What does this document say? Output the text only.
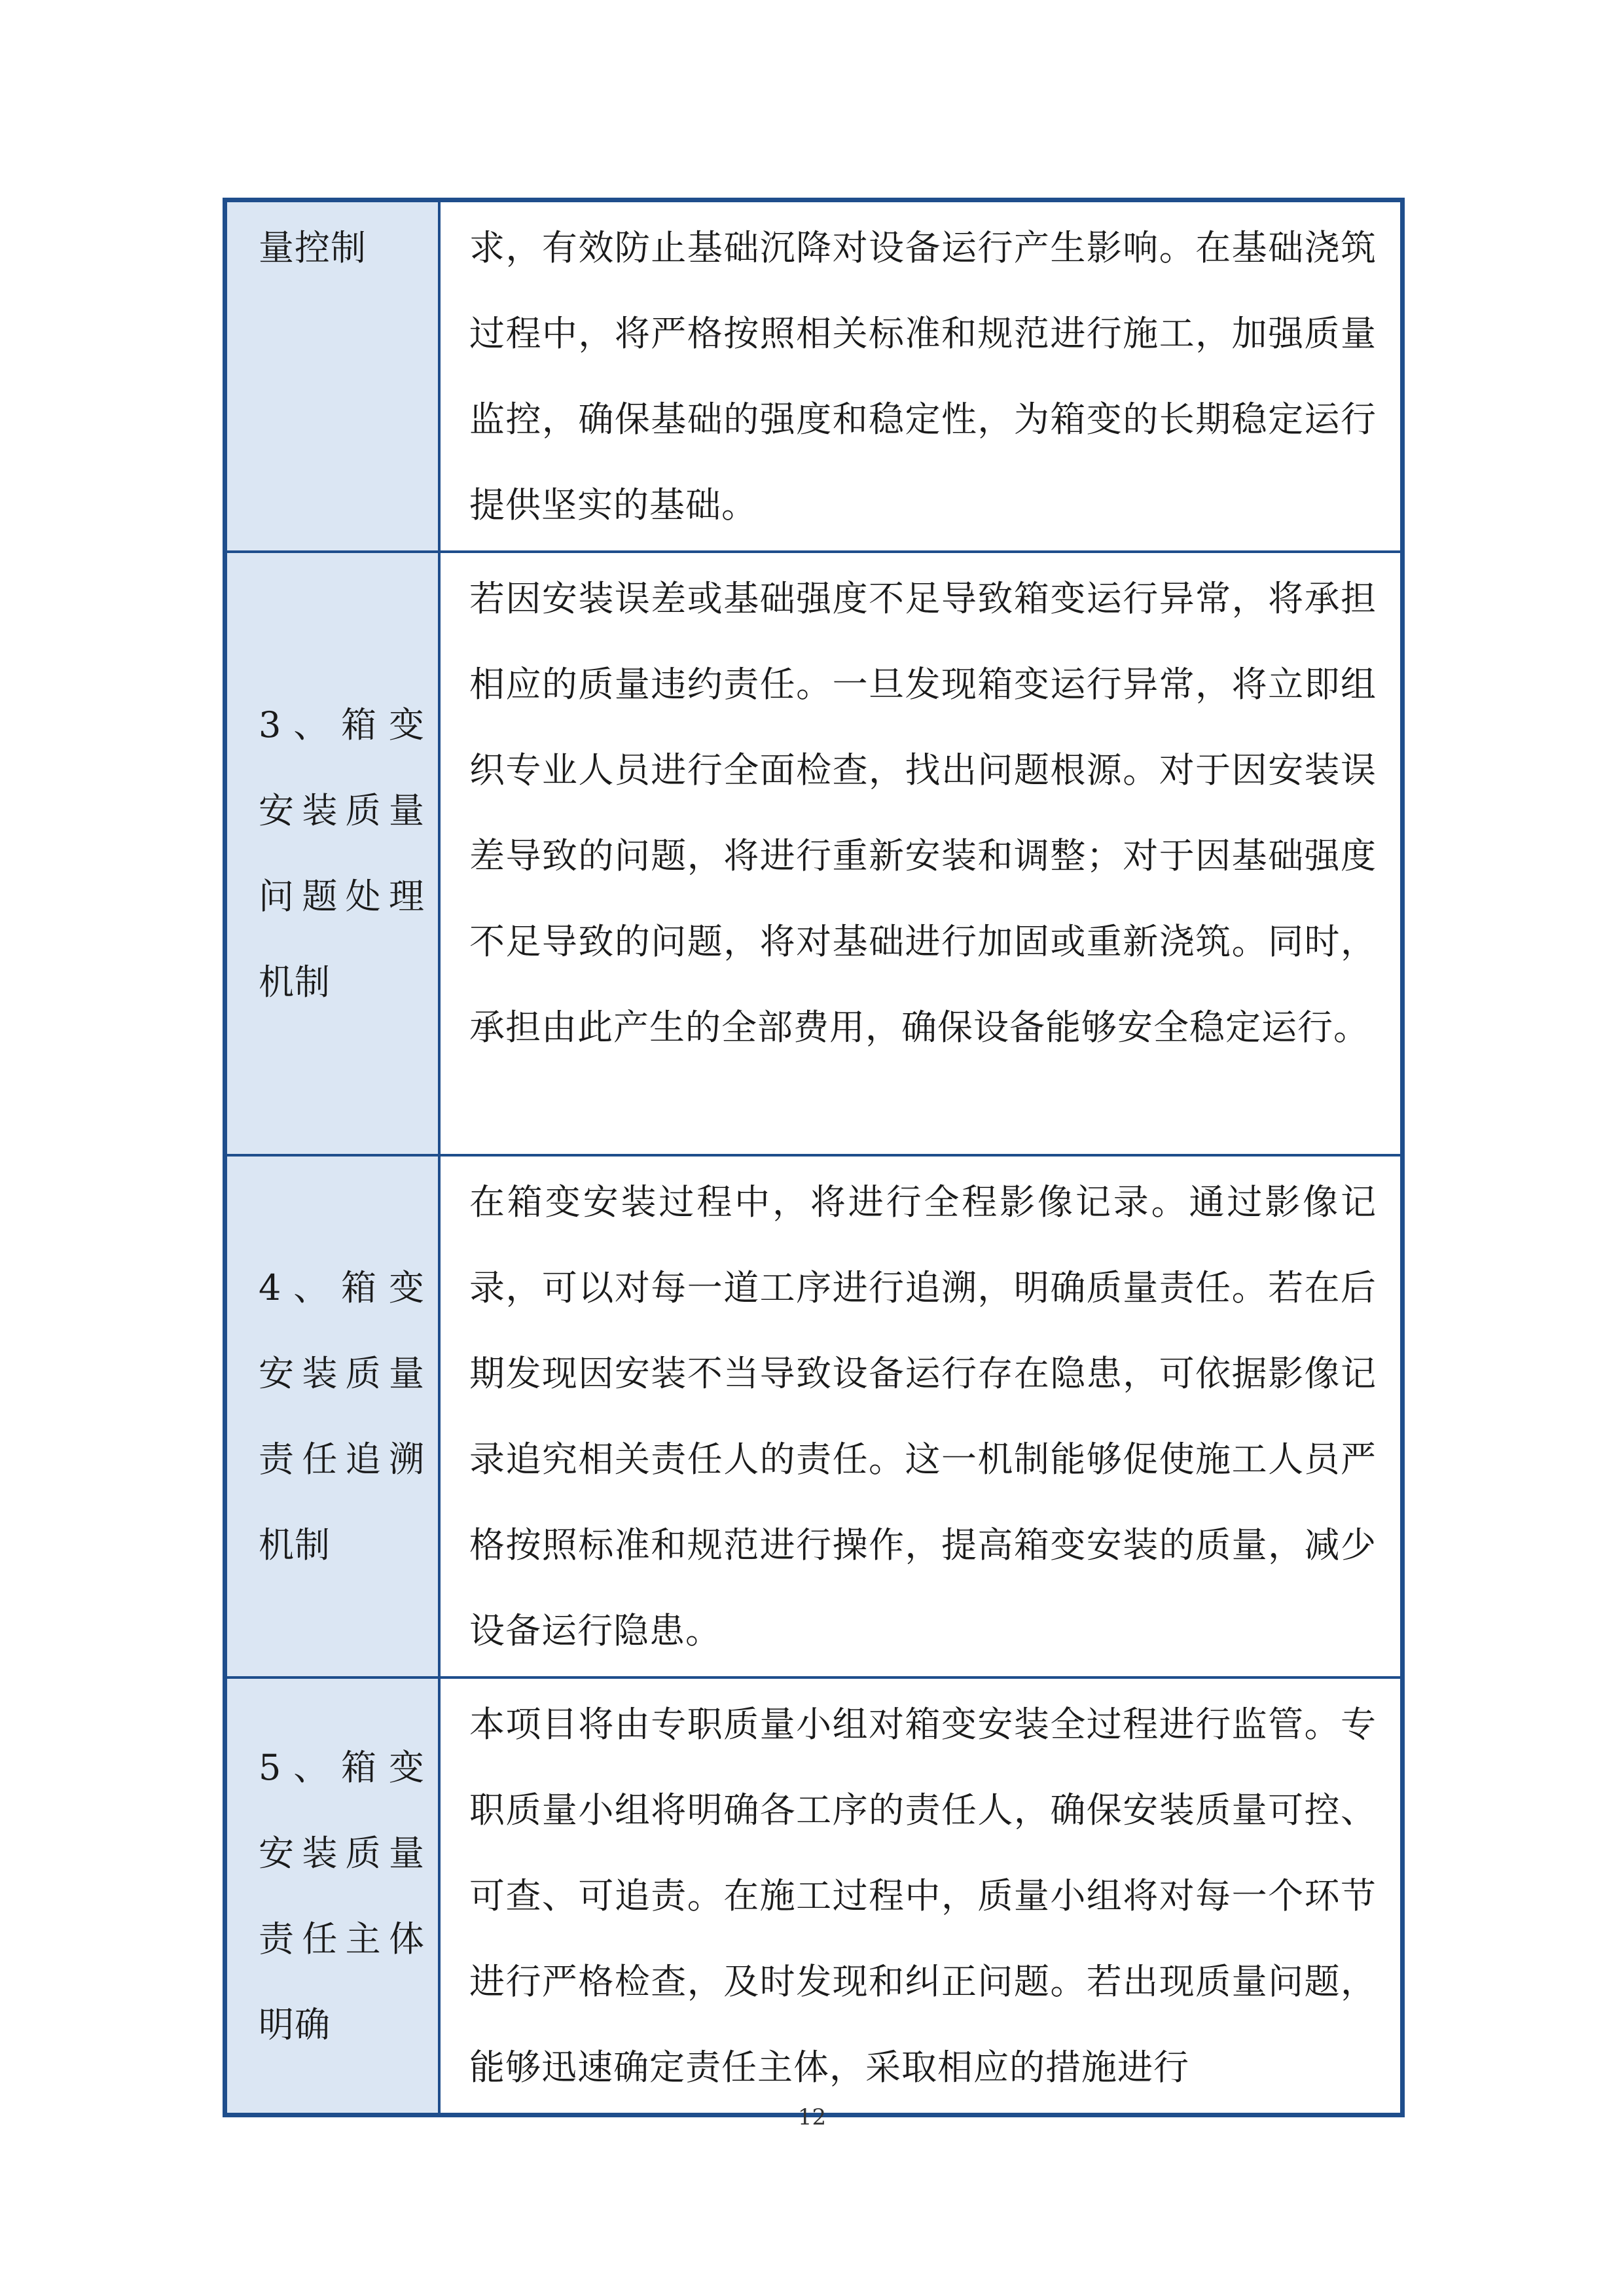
量控制	求，有效防止基础沉降对设备运行产生影响。在基础浇筑过程中，将严格按照相关标准和规范进行施工，加强质量监控，确保基础的强度和稳定性，为箱变的长期稳定运行提供坚实的基础。

3、箱变安装质量问题处理机制	若因安装误差或基础强度不足导致箱变运行异常，将承担相应的质量违约责任。一旦发现箱变运行异常，将立即组织专业人员进行全面检查，找出问题根源。对于因安装误差导致的问题，将进行重新安装和调整；对于因基础强度不足导致的问题，将对基础进行加固或重新浇筑。同时，承担由此产生的全部费用，确保设备能够安全稳定运行。

4、箱变安装质量责任追溯机制	在箱变安装过程中，将进行全程影像记录。通过影像记录，可以对每一道工序进行追溯，明确质量责任。若在后期发现因安装不当导致设备运行存在隐患，可依据影像记录追究相关责任人的责任。这一机制能够促使施工人员严格按照标准和规范进行操作，提高箱变安装的质量，减少设备运行隐患。

5、箱变安装质量责任主体明确	本项目将由专职质量小组对箱变安装全过程进行监管。专职质量小组将明确各工序的责任人，确保安装质量可控、可查、可追责。在施工过程中，质量小组将对每一个环节进行严格检查，及时发现和纠正问题。若出现质量问题，能够迅速确定责任主体，采取相应的措施进行
12
